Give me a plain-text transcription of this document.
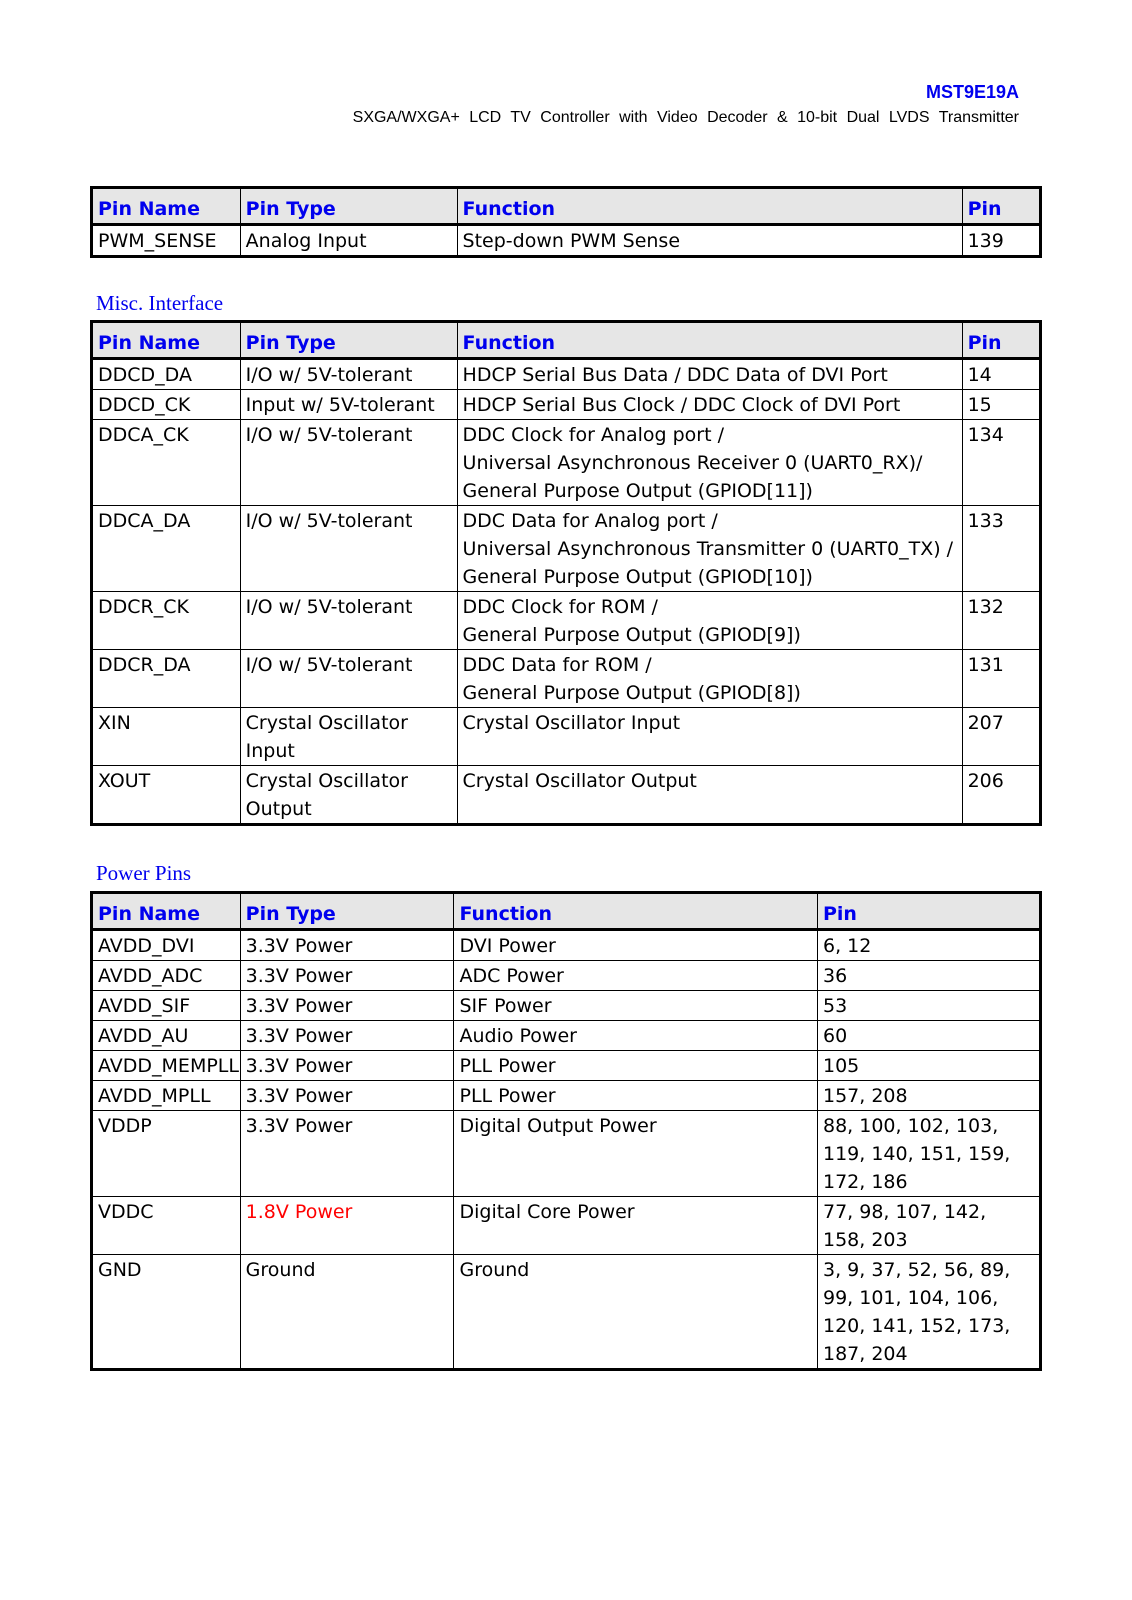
MST9E19A
SXGA/WXGA+ LCD TV Controller with Video Decoder & 10-bit Dual LVDS Transmitter
Pin Name	Pin Type	Function	Pin
PWM_SENSE	Analog Input	Step-down PWM Sense	139
Misc. Interface
Pin Name	Pin Type	Function	Pin
DDCD_DA	I/O w/ 5V-tolerant	HDCP Serial Bus Data / DDC Data of DVI Port	14
DDCD_CK	Input w/ 5V-tolerant	HDCP Serial Bus Clock / DDC Clock of DVI Port	15
DDCA_CK	I/O w/ 5V-tolerant	DDC Clock for Analog port /
Universal Asynchronous Receiver 0 (UART0_RX)/
General Purpose Output (GPIOD[11])	134
DDCA_DA	I/O w/ 5V-tolerant	DDC Data for Analog port /
Universal Asynchronous Transmitter 0 (UART0_TX) /
General Purpose Output (GPIOD[10])	133
DDCR_CK	I/O w/ 5V-tolerant	DDC Clock for ROM /
General Purpose Output (GPIOD[9])	132
DDCR_DA	I/O w/ 5V-tolerant	DDC Data for ROM /
General Purpose Output (GPIOD[8])	131
XIN	Crystal Oscillator Input	Crystal Oscillator Input	207
XOUT	Crystal Oscillator Output	Crystal Oscillator Output	206
Power Pins
Pin Name	Pin Type	Function	Pin
AVDD_DVI	3.3V Power	DVI Power	6, 12
AVDD_ADC	3.3V Power	ADC Power	36
AVDD_SIF	3.3V Power	SIF Power	53
AVDD_AU	3.3V Power	Audio Power	60
AVDD_MEMPLL	3.3V Power	PLL Power	105
AVDD_MPLL	3.3V Power	PLL Power	157, 208
VDDP	3.3V Power	Digital Output Power	88, 100, 102, 103, 119, 140, 151, 159, 172, 186
VDDC	1.8V Power	Digital Core Power	77, 98, 107, 142, 158, 203
GND	Ground	Ground	3, 9, 37, 52, 56, 89, 99, 101, 104, 106, 120, 141, 152, 173, 187, 204
